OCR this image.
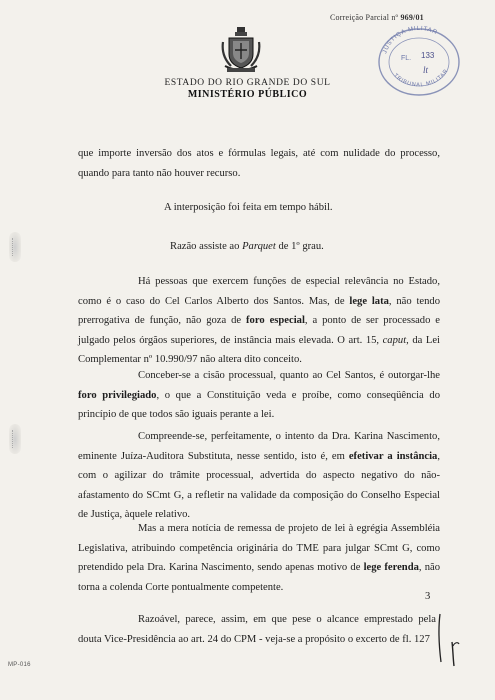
ESTADO DO RIO GRANDE DO SUL
MINISTÉRIO PÚBLICO
Correição Parcial nº 969/01
JUSTIÇA MILITAR
TRIBUNAL MILITAR
FL. 133
lt

que importe inversão dos atos e fórmulas legais, até com nulidade do processo, quando para tanto não houver recurso.

A interposição foi feita em tempo hábil.
Razão assiste ao Parquet de 1º grau.

Há pessoas que exercem funções de especial relevância no Estado, como é o caso do Cel Carlos Alberto dos Santos. Mas, de lege lata, não tendo prerrogativa de função, não goza de foro especial, a ponto de ser processado e julgado pelos órgãos superiores, de instância mais elevada. O art. 15, caput, da Lei Complementar nº 10.990/97 não altera dito conceito.

Conceber-se a cisão processual, quanto ao Cel Santos, é outorgar-lhe foro privilegiado, o que a Constituição veda e proíbe, como conseqüência do princípio de que todos são iguais perante a lei.

Compreende-se, perfeitamente, o intento da Dra. Karina Nascimento, eminente Juíza-Auditora Substituta, nesse sentido, isto é, em efetivar a instância, com o agilizar do trâmite processual, advertida do aspecto negativo do não-afastamento do SCmt G, a refletir na validade da composição do Conselho Especial de Justiça, àquele relativo.

Mas a mera notícia de remessa de projeto de lei à egrégia Assembléia Legislativa, atribuindo competência originária do TME para julgar SCmt G, como pretendido pela Dra. Karina Nascimento, sendo apenas motivo de lege ferenda, não torna a colenda Corte pontualmente competente.

Razoável, parece, assim, em que pese o alcance emprestado pela douta Vice-Presidência ao art. 24 do CPM - veja-se a propósito o excerto de fl. 127

3
MP-016
